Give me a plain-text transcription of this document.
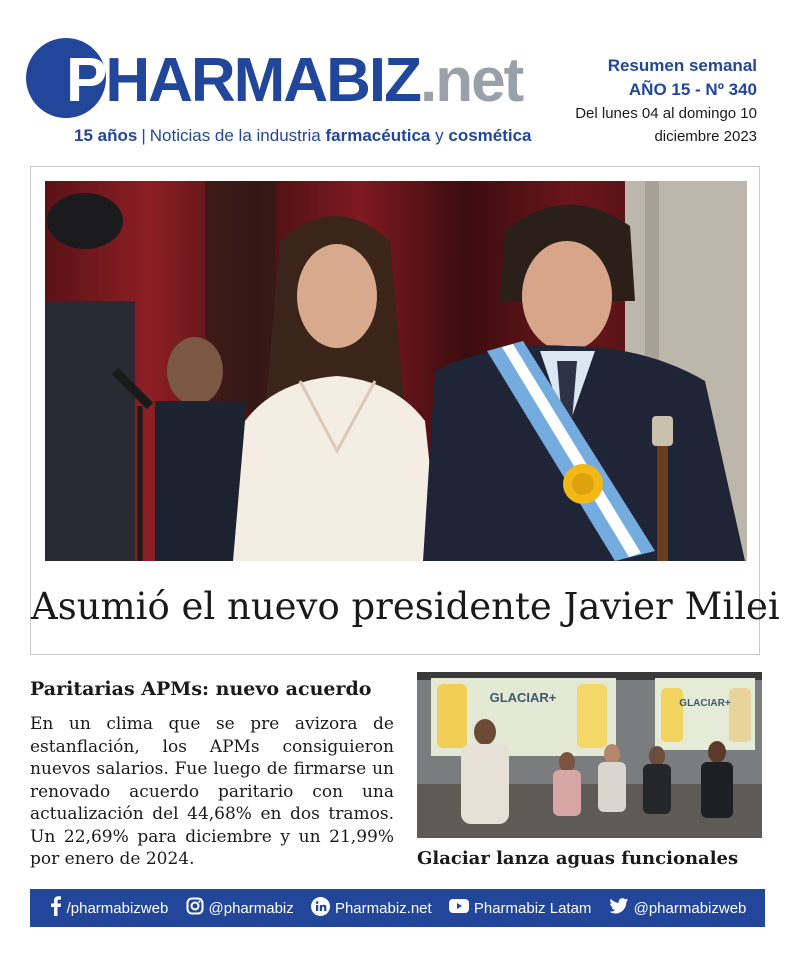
PHARMABIZ.net
15 años | Noticias de la industria farmacéutica y cosmética
Resumen semanal
AÑO 15 - Nº 340
Del lunes 04 al domingo 10
diciembre 2023
Asumió el nuevo presidente Javier Milei
Paritarias APMs: nuevo acuerdo
En un clima que se pre avizora de estanflación, los APMs consiguieron nuevos salarios. Fue luego de firmarse un renovado acuerdo paritario con una actualización del 44,68% en dos tramos. Un 22,69% para diciembre y un 21,99% por enero de 2024.
GLACIAR+	GLACIAR+
Glaciar lanza aguas funcionales
/pharmabizweb	@pharmabiz	Pharmabiz.net	Pharmabiz Latam	@pharmabizweb
